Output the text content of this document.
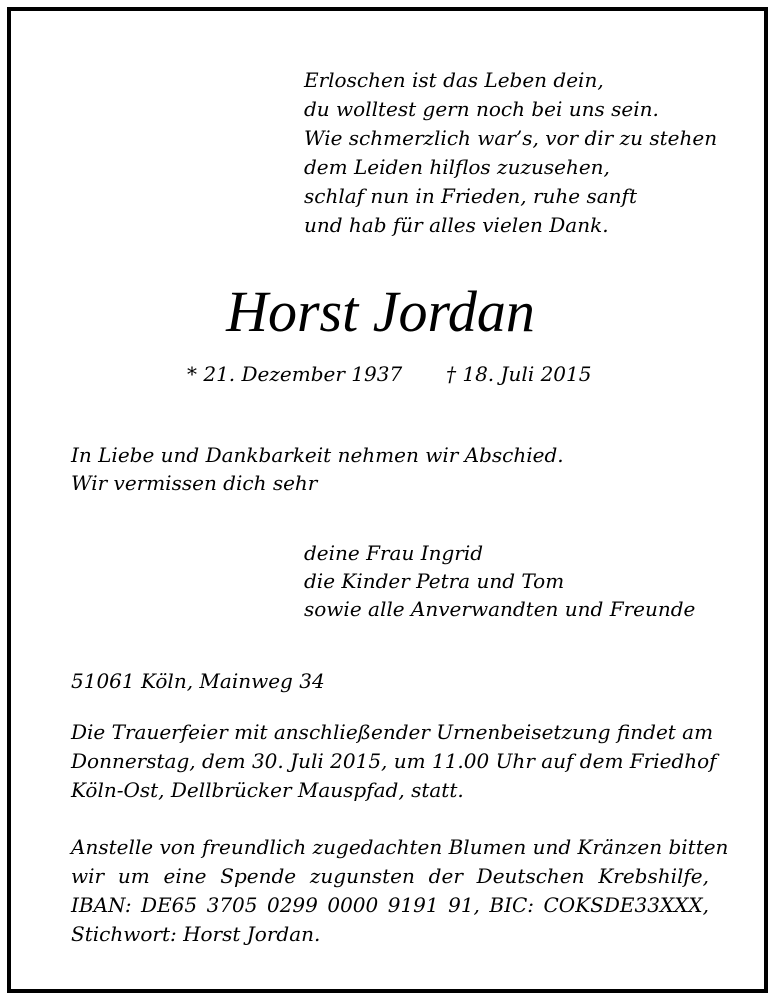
Erloschen ist das Leben dein,
du wolltest gern noch bei uns sein.
Wie schmerzlich war’s, vor dir zu stehen
dem Leiden hilflos zuzusehen,
schlaf nun in Frieden, ruhe sanft
und hab für alles vielen Dank.
Horst Jordan
* 21. Dezember 1937 † 18. Juli 2015
In Liebe und Dankbarkeit nehmen wir Abschied.
Wir vermissen dich sehr
deine Frau Ingrid
die Kinder Petra und Tom
sowie alle Anverwandten und Freunde
51061 Köln, Mainweg 34
Die Trauerfeier mit anschließender Urnenbeisetzung findet am
Donnerstag, dem 30. Juli 2015, um 11.00 Uhr auf dem Friedhof
Köln-Ost, Dellbrücker Mauspfad, statt.
Anstelle von freundlich zugedachten Blumen und Kränzen bitten
wir um eine Spende zugunsten der Deutschen Krebshilfe,
IBAN: DE65 3705 0299 0000 9191 91, BIC: COKSDE33XXX,
Stichwort: Horst Jordan.
